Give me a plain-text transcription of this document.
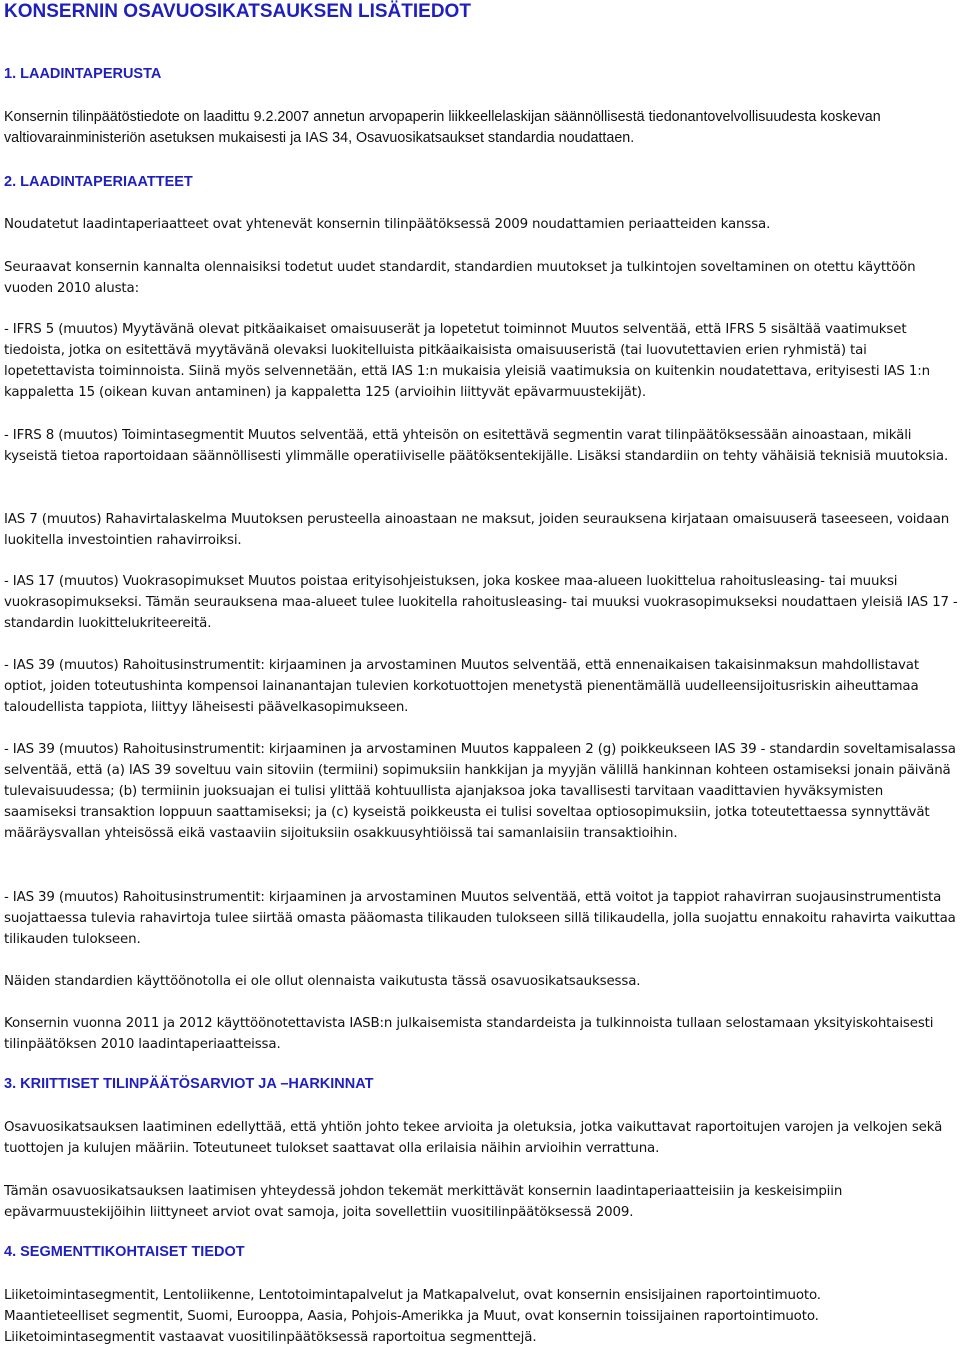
KONSERNIN OSAVUOSIKATSAUKSEN LISÄTIEDOT
1. LAADINTAPERUSTA
Konsernin tilinpäätöstiedote on laadittu 9.2.2007 annetun arvopaperin liikkeellelaskijan säännöllisestä tiedonantovelvollisuudesta koskevan valtiovarainministeriön asetuksen mukaisesti ja IAS 34, Osavuosikatsaukset standardia noudattaen.
2. LAADINTAPERIAATTEET
Noudatetut laadintaperiaatteet ovat yhtenevät konsernin tilinpäätöksessä 2009 noudattamien periaatteiden kanssa.
Seuraavat konsernin kannalta olennaisiksi todetut uudet standardit, standardien muutokset ja tulkintojen soveltaminen on otettu käyttöön vuoden 2010 alusta:
- IFRS 5 (muutos) Myytävänä olevat pitkäaikaiset omaisuuserät ja lopetetut toiminnot Muutos selventää, että IFRS 5 sisältää vaatimukset tiedoista, jotka on esitettävä myytävänä olevaksi luokitelluista pitkäaikaisista omaisuuseristä (tai luovutettavien erien ryhmistä) tai lopetettavista toiminnoista. Siinä myös selvennetään, että IAS 1:n mukaisia yleisiä vaatimuksia on kuitenkin noudatettava, erityisesti IAS 1:n kappaletta 15 (oikean kuvan antaminen) ja kappaletta 125 (arvioihin liittyvät epävarmuustekijät).
- IFRS 8 (muutos) Toimintasegmentit Muutos selventää, että yhteisön on esitettävä segmentin varat tilinpäätöksessään ainoastaan, mikäli kyseistä tietoa raportoidaan säännöllisesti ylimmälle operatiiviselle päätöksentekijälle. Lisäksi standardiin on tehty vähäisiä teknisiä muutoksia.
IAS 7 (muutos) Rahavirtalaskelma Muutoksen perusteella ainoastaan ne maksut, joiden seurauksena kirjataan omaisuuserä taseeseen, voidaan luokitella investointien rahavirroiksi.
- IAS 17 (muutos) Vuokrasopimukset Muutos poistaa erityisohjeistuksen, joka koskee maa-alueen luokittelua rahoitusleasing- tai muuksi vuokrasopimukseksi. Tämän seurauksena maa-alueet tulee luokitella rahoitusleasing- tai muuksi vuokrasopimukseksi noudattaen yleisiä IAS 17 -standardin luokittelukriteereitä.
- IAS 39 (muutos) Rahoitusinstrumentit: kirjaaminen ja arvostaminen Muutos selventää, että ennenaikaisen takaisinmaksun mahdollistavat optiot, joiden toteutushinta kompensoi lainanantajan tulevien korkotuottojen menetystä pienentämällä uudelleensijoitusriskin aiheuttamaa taloudellista tappiota, liittyy läheisesti päävelkasopimukseen.
- IAS 39 (muutos) Rahoitusinstrumentit: kirjaaminen ja arvostaminen Muutos kappaleen 2 (g) poikkeukseen IAS 39 - standardin soveltamisalassa selventää, että (a) IAS 39 soveltuu vain sitoviin (termiini) sopimuksiin hankkijan ja myyjän välillä hankinnan kohteen ostamiseksi jonain päivänä tulevaisuudessa; (b) termiinin juoksuajan ei tulisi ylittää kohtuullista ajanjaksoa joka tavallisesti tarvitaan vaadittavien hyväksymisten saamiseksi transaktion loppuun saattamiseksi; ja (c) kyseistä poikkeusta ei tulisi soveltaa optiosopimuksiin, jotka toteutettaessa synnyttävät määräysvallan yhteisössä eikä vastaaviin sijoituksiin osakkuusyhtiöissä tai samanlaisiin transaktioihin.
- IAS 39 (muutos) Rahoitusinstrumentit: kirjaaminen ja arvostaminen Muutos selventää, että voitot ja tappiot rahavirran suojausinstrumentista suojattaessa tulevia rahavirtoja tulee siirtää omasta pääomasta tilikauden tulokseen sillä tilikaudella, jolla suojattu ennakoitu rahavirta vaikuttaa tilikauden tulokseen.
Näiden standardien käyttöönotolla ei ole ollut olennaista vaikutusta tässä osavuosikatsauksessa.
Konsernin vuonna 2011 ja 2012 käyttöönotettavista IASB:n julkaisemista standardeista ja tulkinnoista tullaan selostamaan yksityiskohtaisesti tilinpäätöksen 2010 laadintaperiaatteissa.
3. KRIITTISET TILINPÄÄTÖSARVIOT JA –HARKINNAT
Osavuosikatsauksen laatiminen edellyttää, että yhtiön johto tekee arvioita ja oletuksia, jotka vaikuttavat raportoitujen varojen ja velkojen sekä tuottojen ja kulujen määriin. Toteutuneet tulokset saattavat olla erilaisia näihin arvioihin verrattuna.
Tämän osavuosikatsauksen laatimisen yhteydessä johdon tekemät merkittävät konsernin laadintaperiaatteisiin ja keskeisimpiin epävarmuustekijöihin liittyneet arviot ovat samoja, joita sovellettiin vuositilinpäätöksessä 2009.
4. SEGMENTTIKOHTAISET TIEDOT
Liiketoimintasegmentit, Lentoliikenne, Lentotoimintapalvelut ja Matkapalvelut, ovat konsernin ensisijainen raportointimuoto.
Maantieteelliset segmentit, Suomi, Eurooppa, Aasia, Pohjois-Amerikka ja Muut, ovat konsernin toissijainen raportointimuoto.
Liiketoimintasegmentit vastaavat vuositilinpäätöksessä raportoitua segmenttejä.
